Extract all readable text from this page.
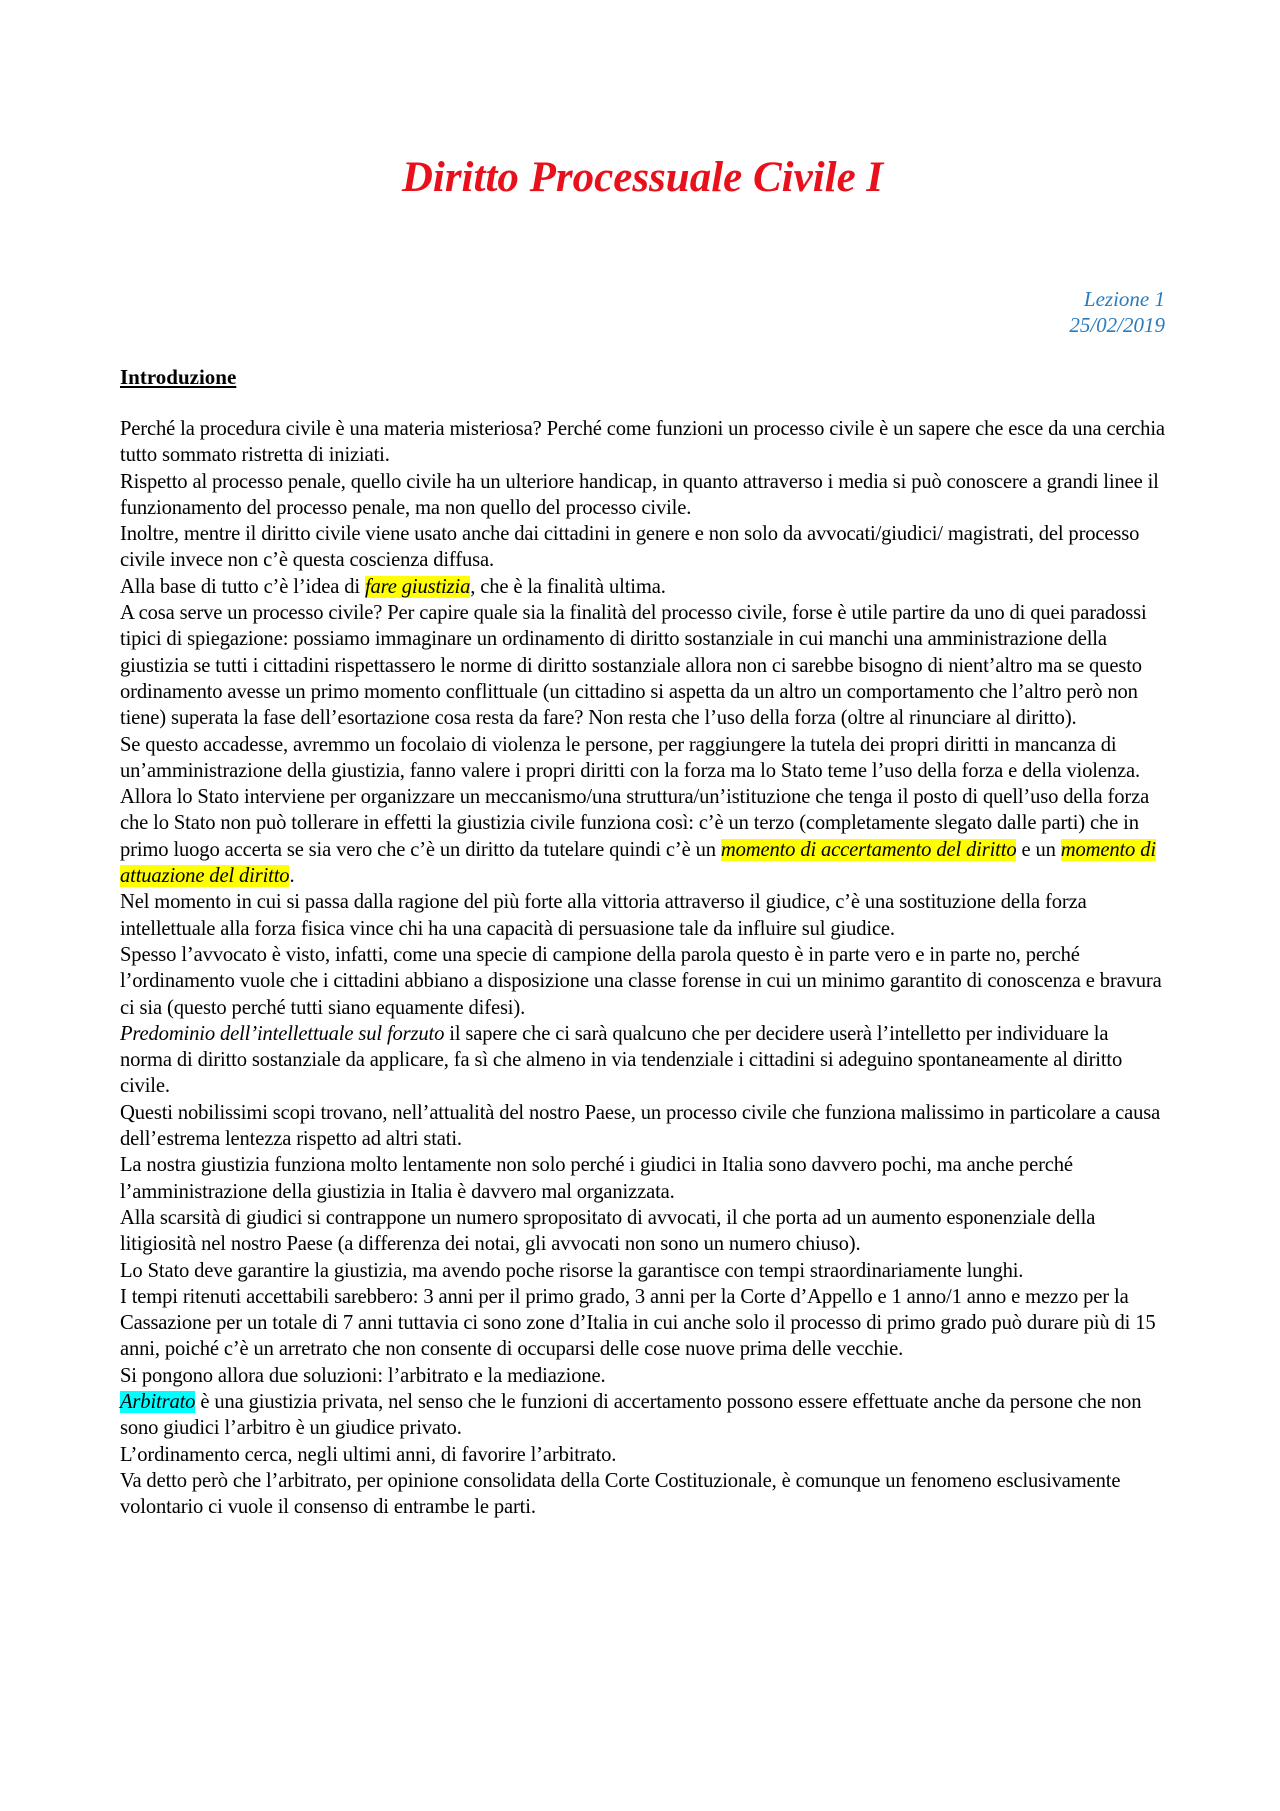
Diritto Processuale Civile I
Lezione 1
25/02/2019
Introduzione

Perché la procedura civile è una materia misteriosa? Perché come funzioni un processo civile è un sapere che esce da una cerchia tutto sommato ristretta di iniziati.

Rispetto al processo penale, quello civile ha un ulteriore handicap, in quanto attraverso i media si può conoscere a grandi linee il funzionamento del processo penale, ma non quello del processo civile.

Inoltre, mentre il diritto civile viene usato anche dai cittadini in genere e non solo da avvocati/giudici/ magistrati, del processo civile invece non c’è questa coscienza diffusa.

Alla base di tutto c’è l’idea di fare giustizia, che è la finalità ultima.

A cosa serve un processo civile? Per capire quale sia la finalità del processo civile, forse è utile partire da uno di quei paradossi tipici di spiegazione: possiamo immaginare un ordinamento di diritto sostanziale in cui manchi una amministrazione della giustizia se tutti i cittadini rispettassero le norme di diritto sostanziale allora non ci sarebbe bisogno di nient’altro ma se questo ordinamento avesse un primo momento conflittuale (un cittadino si aspetta da un altro un comportamento che l’altro però non tiene) superata la fase dell’esortazione cosa resta da fare? Non resta che l’uso della forza (oltre al rinunciare al diritto).

Se questo accadesse, avremmo un focolaio di violenza le persone, per raggiungere la tutela dei propri diritti in mancanza di un’amministrazione della giustizia, fanno valere i propri diritti con la forza ma lo Stato teme l’uso della forza e della violenza.

Allora lo Stato interviene per organizzare un meccanismo/una struttura/un’istituzione che tenga il posto di quell’uso della forza che lo Stato non può tollerare in effetti la giustizia civile funziona così: c’è un terzo (completamente slegato dalle parti) che in primo luogo accerta se sia vero che c’è un diritto da tutelare quindi c’è un momento di accertamento del diritto e un momento di attuazione del diritto.

Nel momento in cui si passa dalla ragione del più forte alla vittoria attraverso il giudice, c’è una sostituzione della forza intellettuale alla forza fisica vince chi ha una capacità di persuasione tale da influire sul giudice.

Spesso l’avvocato è visto, infatti, come una specie di campione della parola questo è in parte vero e in parte no, perché l’ordinamento vuole che i cittadini abbiano a disposizione una classe forense in cui un minimo garantito di conoscenza e bravura ci sia (questo perché tutti siano equamente difesi).

Predominio dell’intellettuale sul forzuto il sapere che ci sarà qualcuno che per decidere userà l’intelletto per individuare la norma di diritto sostanziale da applicare, fa sì che almeno in via tendenziale i cittadini si adeguino spontaneamente al diritto civile.

Questi nobilissimi scopi trovano, nell’attualità del nostro Paese, un processo civile che funziona malissimo in particolare a causa dell’estrema lentezza rispetto ad altri stati.

La nostra giustizia funziona molto lentamente non solo perché i giudici in Italia sono davvero pochi, ma anche perché l’amministrazione della giustizia in Italia è davvero mal organizzata.

Alla scarsità di giudici si contrappone un numero spropositato di avvocati, il che porta ad un aumento esponenziale della litigiosità nel nostro Paese (a differenza dei notai, gli avvocati non sono un numero chiuso).

Lo Stato deve garantire la giustizia, ma avendo poche risorse la garantisce con tempi straordinariamente lunghi.

I tempi ritenuti accettabili sarebbero: 3 anni per il primo grado, 3 anni per la Corte d’Appello e 1 anno/1 anno e mezzo per la Cassazione per un totale di 7 anni tuttavia ci sono zone d’Italia in cui anche solo il processo di primo grado può durare più di 15 anni, poiché c’è un arretrato che non consente di occuparsi delle cose nuove prima delle vecchie.

Si pongono allora due soluzioni: l’arbitrato e la mediazione.

Arbitrato è una giustizia privata, nel senso che le funzioni di accertamento possono essere effettuate anche da persone che non sono giudici l’arbitro è un giudice privato.

L’ordinamento cerca, negli ultimi anni, di favorire l’arbitrato.

Va detto però che l’arbitrato, per opinione consolidata della Corte Costituzionale, è comunque un fenomeno esclusivamente volontario ci vuole il consenso di entrambe le parti.
